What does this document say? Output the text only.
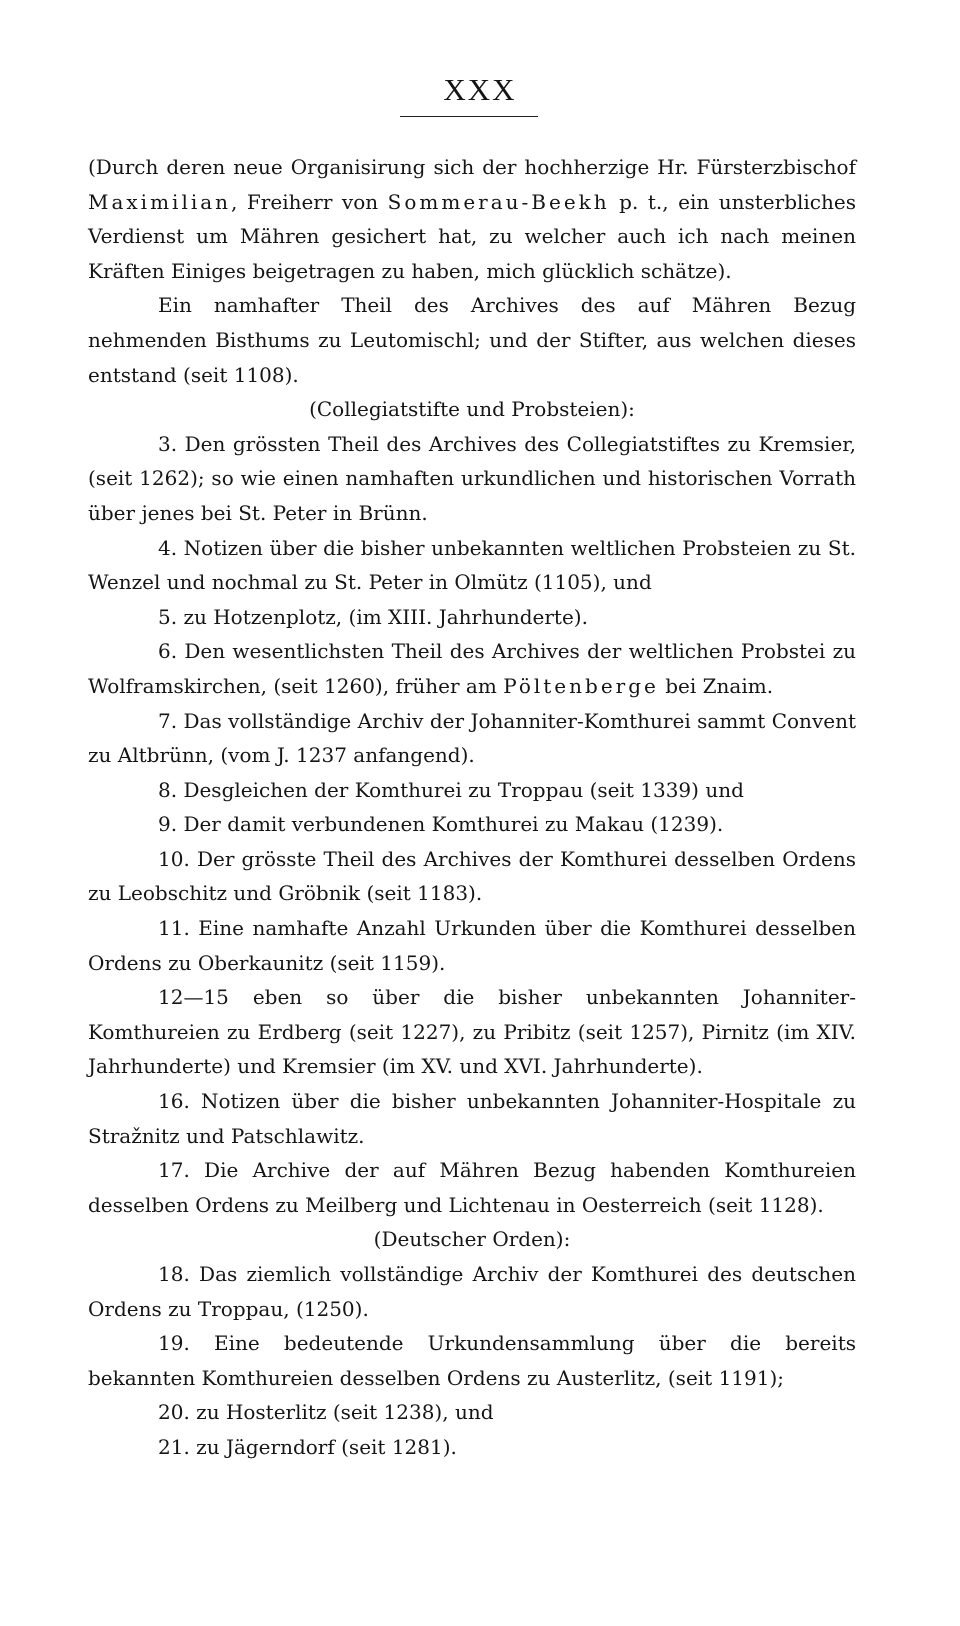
XXX

(Durch deren neue Organisirung sich der hochherzige Hr. Fürsterzbischof Maximilian, Freiherr von Sommerau-Beekh p. t., ein unsterbliches Verdienst um Mähren gesichert hat, zu welcher auch ich nach meinen Kräften Einiges beigetragen zu haben, mich glücklich schätze).

Ein namhafter Theil des Archives des auf Mähren Bezug nehmenden Bisthums zu Leutomischl; und der Stifter, aus welchen dieses entstand (seit 1108).

(Collegiatstifte und Probsteien):

3. Den grössten Theil des Archives des Collegiatstiftes zu Kremsier, (seit 1262); so wie einen namhaften urkundlichen und historischen Vorrath über jenes bei St. Peter in Brünn.

4. Notizen über die bisher unbekannten weltlichen Probsteien zu St. Wenzel und nochmal zu St. Peter in Olmütz (1105), und

5. zu Hotzenplotz, (im XIII. Jahrhunderte).

6. Den wesentlichsten Theil des Archives der weltlichen Probstei zu Wolframskirchen, (seit 1260), früher am Pöltenberge bei Znaim.

7. Das vollständige Archiv der Johanniter-Komthurei sammt Convent zu Altbrünn, (vom J. 1237 anfangend).

8. Desgleichen der Komthurei zu Troppau (seit 1339) und

9. Der damit verbundenen Komthurei zu Makau (1239).

10. Der grösste Theil des Archives der Komthurei desselben Ordens zu Leobschitz und Gröbnik (seit 1183).

11. Eine namhafte Anzahl Urkunden über die Komthurei desselben Ordens zu Oberkaunitz (seit 1159).

12—15 eben so über die bisher unbekannten Johanniter-Komthureien zu Erdberg (seit 1227), zu Pribitz (seit 1257), Pirnitz (im XIV. Jahrhunderte) und Kremsier (im XV. und XVI. Jahrhunderte).

16. Notizen über die bisher unbekannten Johanniter-Hospitale zu Stražnitz und Patschlawitz.

17. Die Archive der auf Mähren Bezug habenden Komthureien desselben Ordens zu Meilberg und Lichtenau in Oesterreich (seit 1128).

(Deutscher Orden):

18. Das ziemlich vollständige Archiv der Komthurei des deutschen Ordens zu Troppau, (1250).

19. Eine bedeutende Urkundensammlung über die bereits bekannten Komthureien desselben Ordens zu Austerlitz, (seit 1191);

20. zu Hosterlitz (seit 1238), und

21. zu Jägerndorf (seit 1281).
